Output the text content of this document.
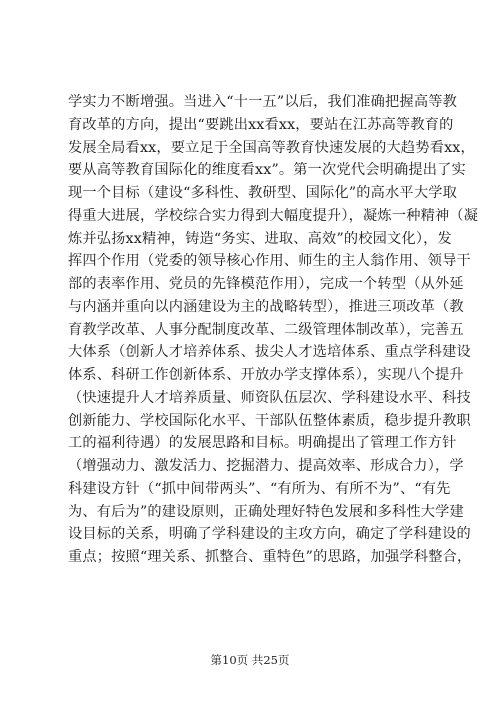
学实力不断增强。当进入“十一五”以后，我们准确把握高等教
育改革的方向，提出“要跳出xx看xx，要站在江苏高等教育的
发展全局看xx，要立足于全国高等教育快速发展的大趋势看xx，
要从高等教育国际化的维度看xx”。第一次党代会明确提出了实
现一个目标（建设“多科性、教研型、国际化”的高水平大学取
得重大进展，学校综合实力得到大幅度提升），凝炼一种精神（凝
炼并弘扬xx精神，铸造“务实、进取、高效”的校园文化），发
挥四个作用（党委的领导核心作用、师生的主人翁作用、领导干
部的表率作用、党员的先锋模范作用），完成一个转型（从外延
与内涵并重向以内涵建设为主的战略转型），推进三项改革（教
育教学改革、人事分配制度改革、二级管理体制改革），完善五
大体系（创新人才培养体系、拔尖人才选培体系、重点学科建设
体系、科研工作创新体系、开放办学支撑体系），实现八个提升
（快速提升人才培养质量、师资队伍层次、学科建设水平、科技
创新能力、学校国际化水平、干部队伍整体素质，稳步提升教职
工的福利待遇）的发展思路和目标。明确提出了管理工作方针
（增强动力、激发活力、挖掘潜力、提高效率、形成合力），学
科建设方针（“抓中间带两头”、“有所为、有所不为”、“有先
为、有后为”的建设原则，正确处理好特色发展和多科性大学建
设目标的关系，明确了学科建设的主攻方向，确定了学科建设的
重点；按照“理关系、抓整合、重特色”的思路，加强学科整合，
第10页 共25页
